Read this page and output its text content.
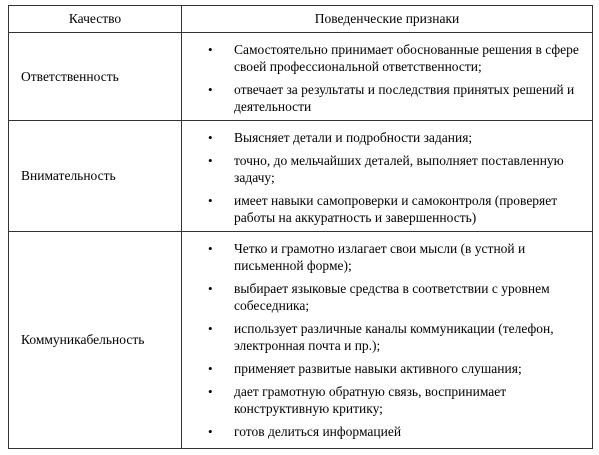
Качество	Поведенческие признаки
Ответственность
• Самостоятельно принимает обоснованные решения в сфере своей профессиональной ответственности;
• отвечает за результаты и последствия принятых решений и деятельности
Внимательность
• Выясняет детали и подробности задания;
• точно, до мельчайших деталей, выполняет поставленную задачу;
• имеет навыки самопроверки и самоконтроля (проверяет работы на аккуратность и завершенность)
Коммуникабельность
• Четко и грамотно излагает свои мысли (в устной и письменной форме);
• выбирает языковые средства в соответствии с уровнем собеседника;
• использует различные каналы коммуникации (телефон, электронная почта и пр.);
• применяет развитые навыки активного слушания;
• дает грамотную обратную связь, воспринимает конструктивную критику;
• готов делиться информацией
